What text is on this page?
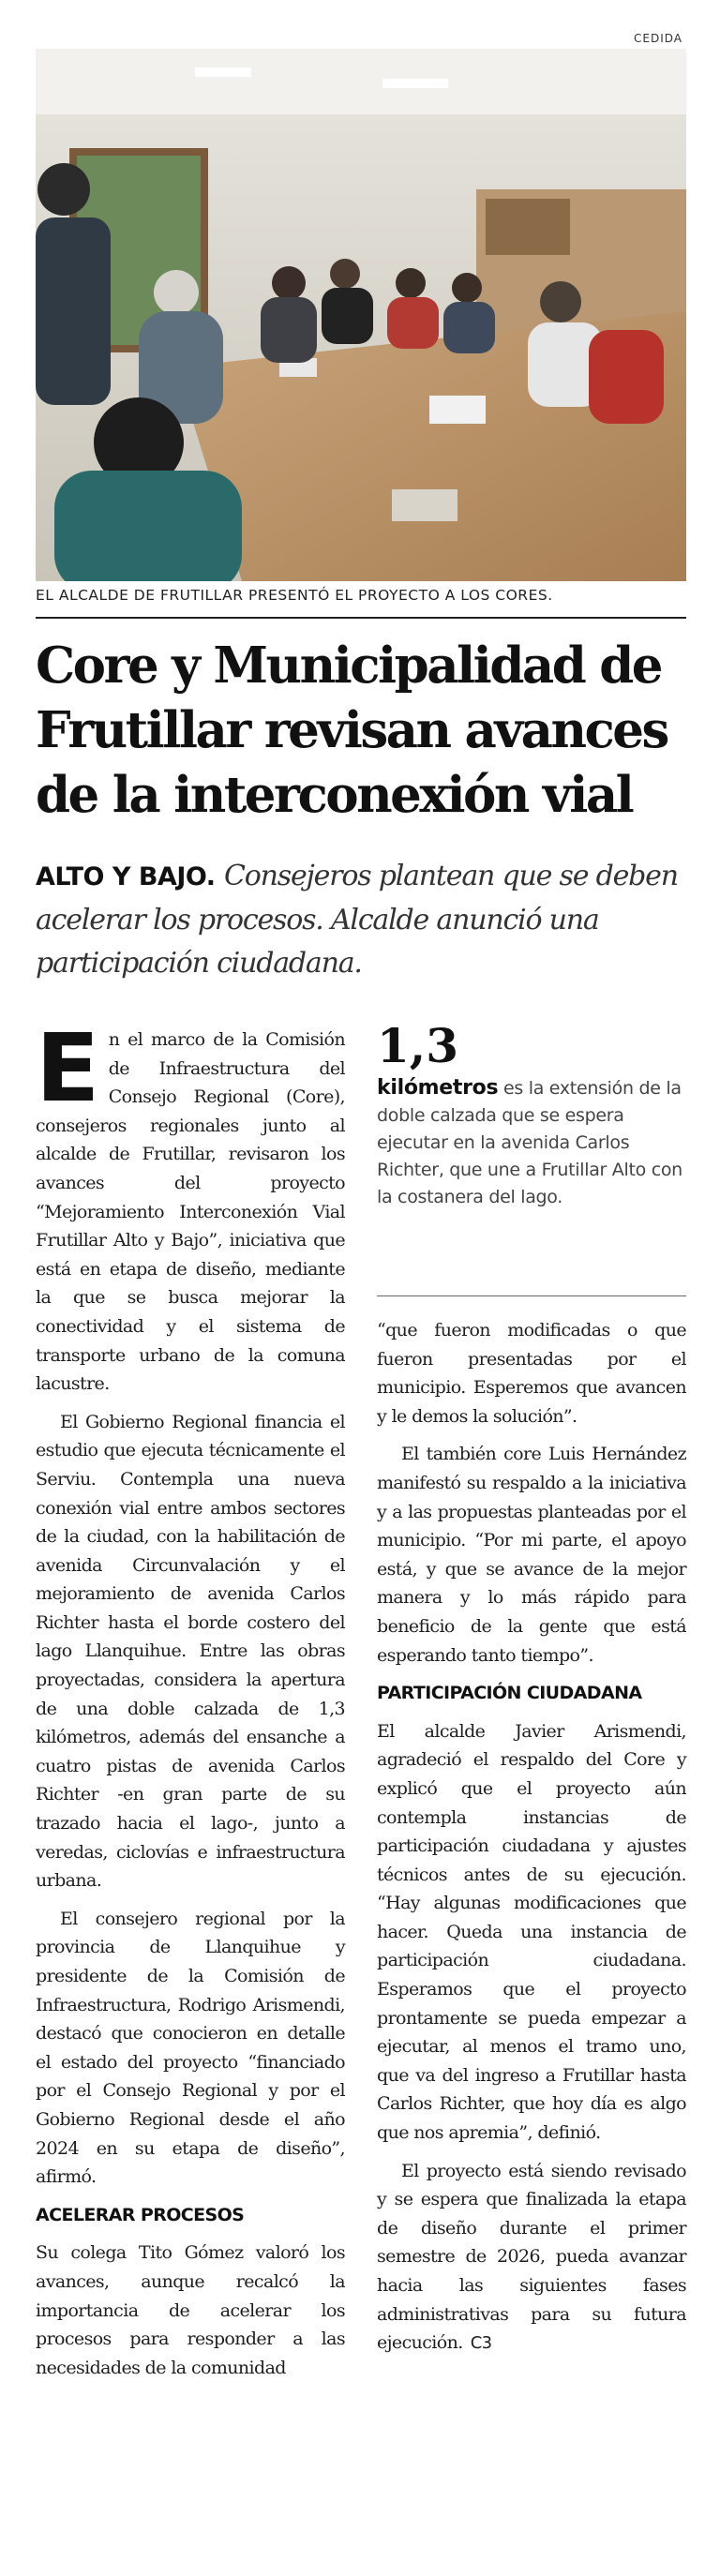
CEDIDA
EL ALCALDE DE FRUTILLAR PRESENTÓ EL PROYECTO A LOS CORES.
Core y Municipalidad de Frutillar revisan avances de la interconexión vial

ALTO Y BAJO. Consejeros plantean que se deben acelerar los procesos. Alcalde anunció una participación ciudadana.

En el marco de la Comisión de Infraestructura del Consejo Regional (Core), consejeros regionales junto al alcalde de Frutillar, revisaron los avances del proyecto “Mejoramiento Interconexión Vial Frutillar Alto y Bajo”, iniciativa que está en etapa de diseño, mediante la que se busca mejorar la conectividad y el sistema de transporte urbano de la comuna lacustre.

El Gobierno Regional financia el estudio que ejecuta técnicamente el Serviu. Contempla una nueva conexión vial entre ambos sectores de la ciudad, con la habilitación de avenida Circunvalación y el mejoramiento de avenida Carlos Richter hasta el borde costero del lago Llanquihue. Entre las obras proyectadas, considera la apertura de una doble calzada de 1,3 kilómetros, además del ensanche a cuatro pistas de avenida Carlos Richter -en gran parte de su trazado hacia el lago-, junto a veredas, ciclovías e infraestructura urbana.

El consejero regional por la provincia de Llanquihue y presidente de la Comisión de Infraestructura, Rodrigo Arismendi, destacó que conocieron en detalle el estado del proyecto “financiado por el Consejo Regional y por el Gobierno Regional desde el año 2024 en su etapa de diseño”, afirmó.

ACELERAR PROCESOS

Su colega Tito Gómez valoró los avances, aunque recalcó la importancia de acelerar los procesos para responder a las necesidades de la comunidad

1,3
kilómetros es la extensión de la doble calzada que se espera ejecutar en la avenida Carlos Richter, que une a Frutillar Alto con la costanera del lago.

“que fueron modificadas o que fueron presentadas por el municipio. Esperemos que avancen y le demos la solución”.

El también core Luis Hernández manifestó su respaldo a la iniciativa y a las propuestas planteadas por el municipio. “Por mi parte, el apoyo está, y que se avance de la mejor manera y lo más rápido para beneficio de la gente que está esperando tanto tiempo”.

PARTICIPACIÓN CIUDADANA

El alcalde Javier Arismendi, agradeció el respaldo del Core y explicó que el proyecto aún contempla instancias de participación ciudadana y ajustes técnicos antes de su ejecución. “Hay algunas modificaciones que hacer. Queda una instancia de participación ciudadana. Esperamos que el proyecto prontamente se pueda empezar a ejecutar, al menos el tramo uno, que va del ingreso a Frutillar hasta Carlos Richter, que hoy día es algo que nos apremia”, definió.

El proyecto está siendo revisado y se espera que finalizada la etapa de diseño durante el primer semestre de 2026, pueda avanzar hacia las siguientes fases administrativas para su futura ejecución. C3
